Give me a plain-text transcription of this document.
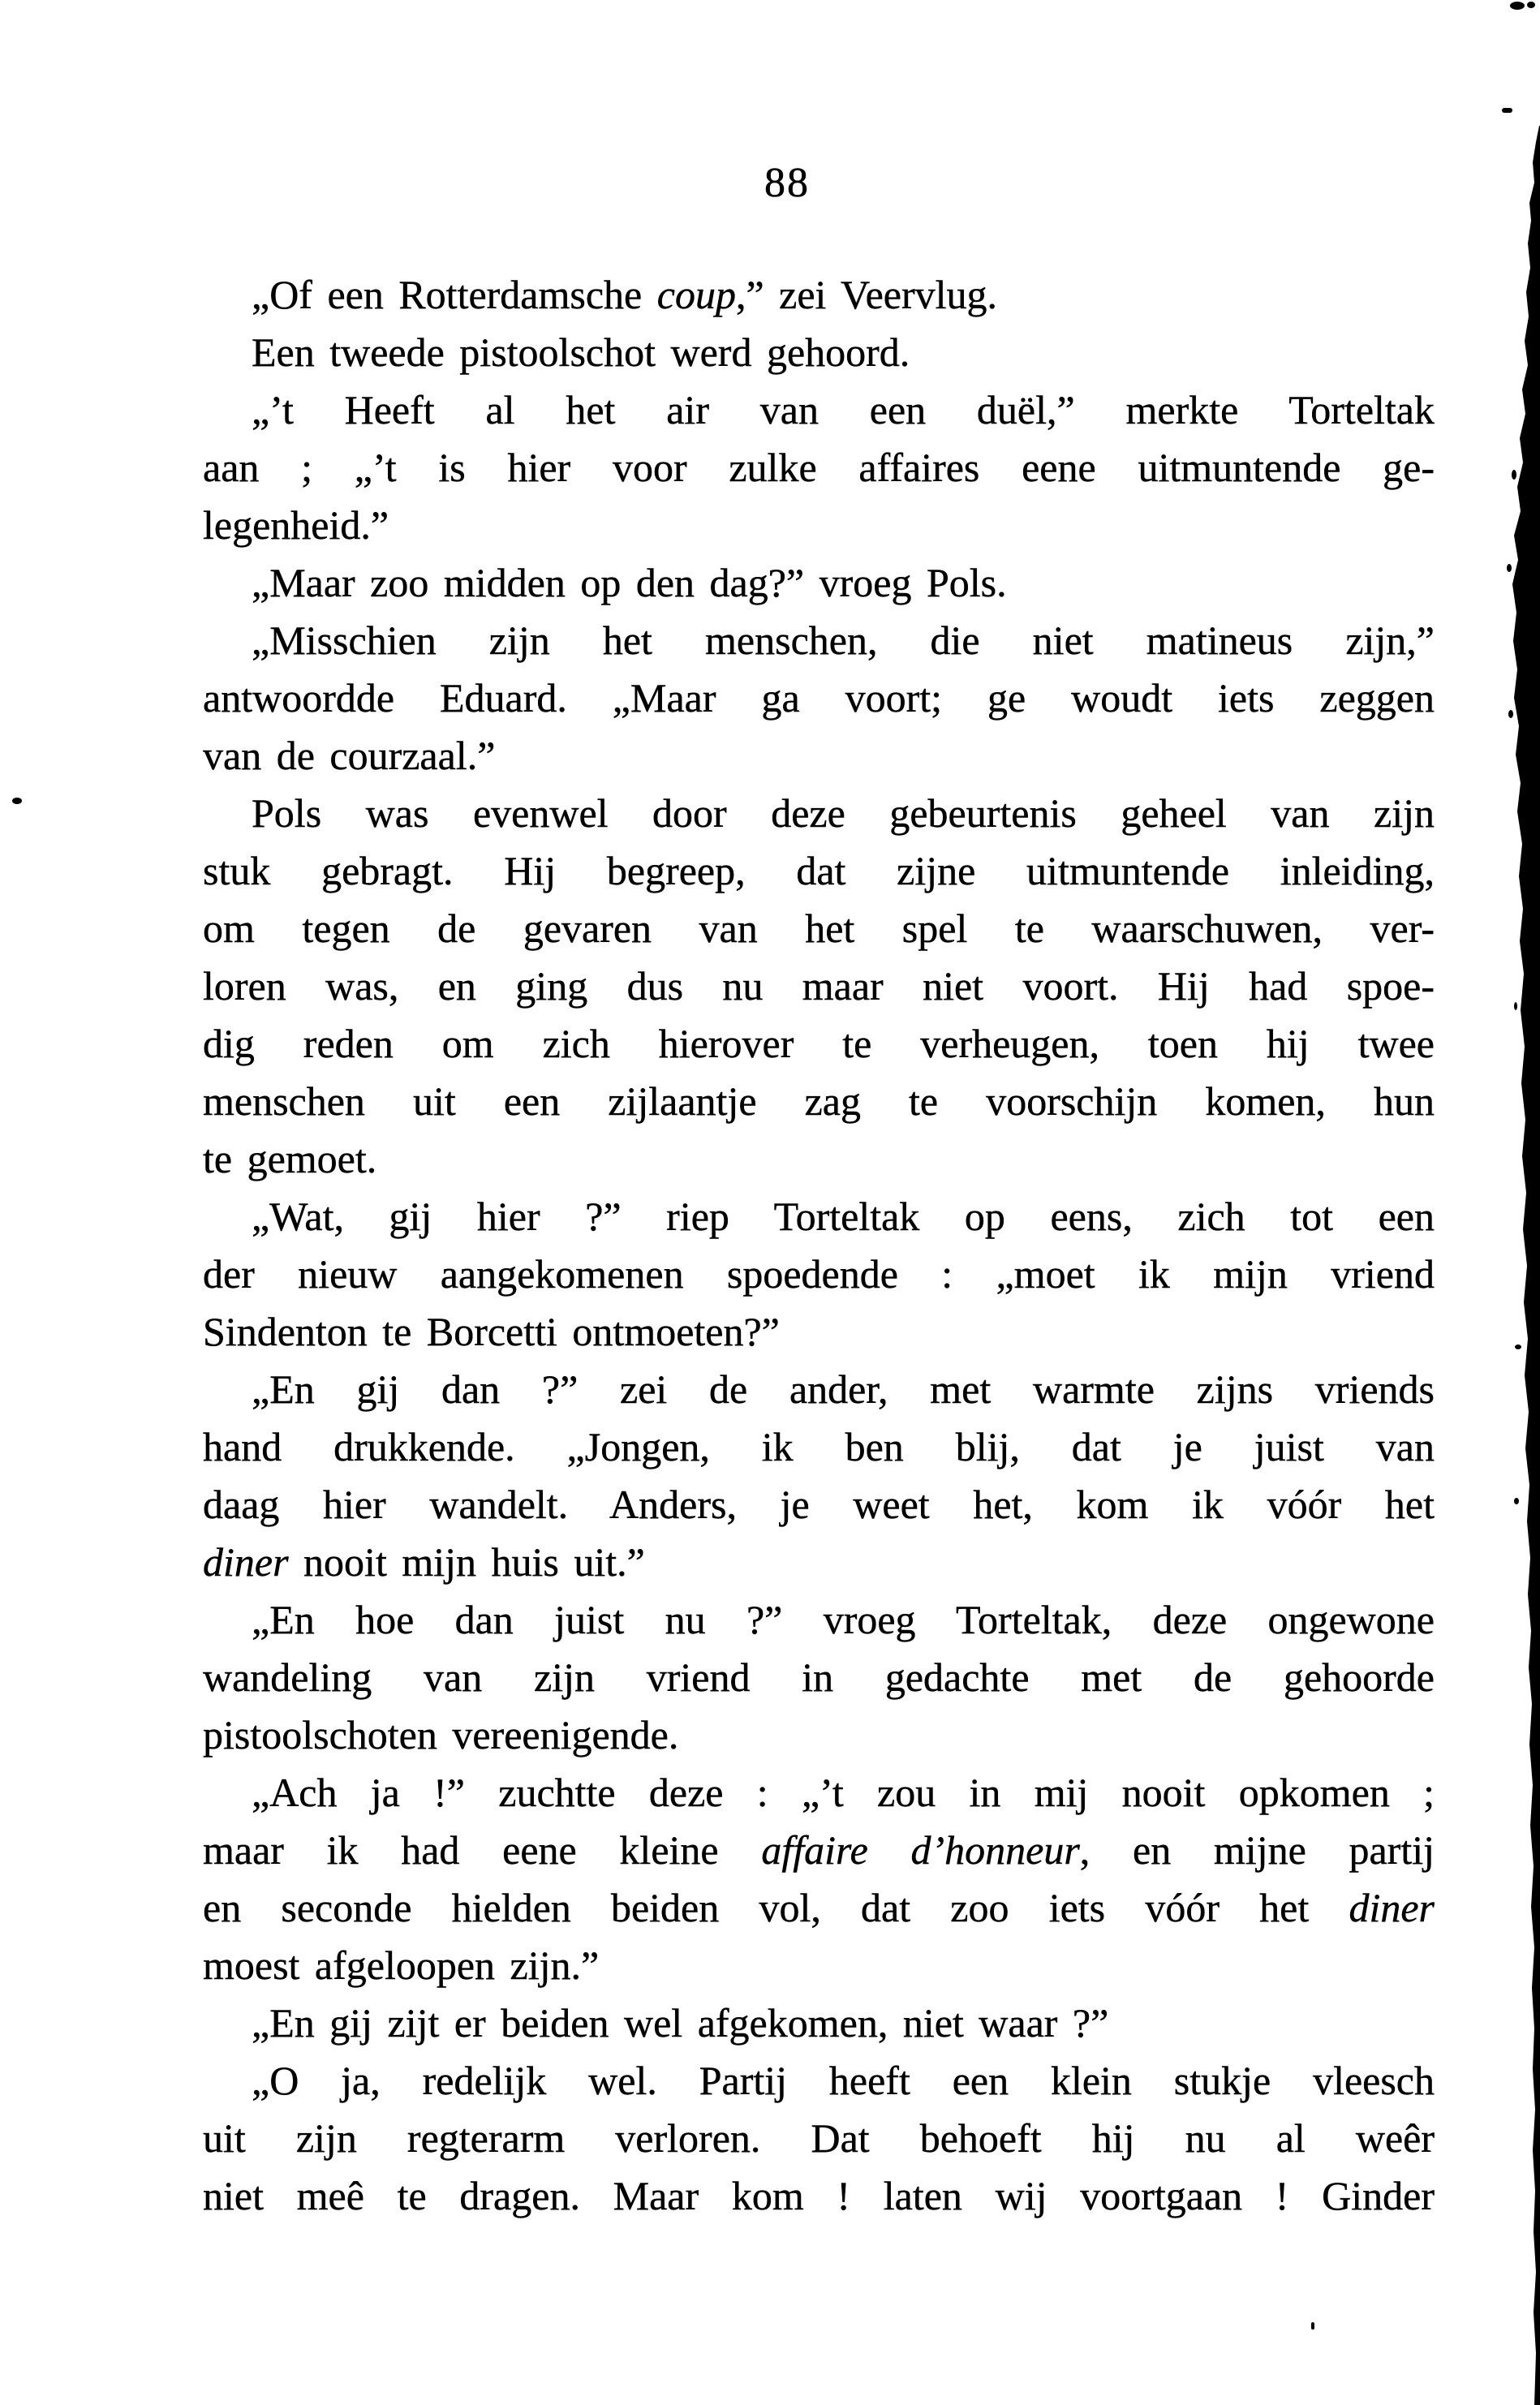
88
„Of een Rotterdamsche coup,” zei Veervlug.
Een tweede pistoolschot werd gehoord.
„’t Heeft al het air van een duël,” merkte Torteltak
aan ; „’t is hier voor zulke affaires eene uitmuntende ge-
legenheid.”
„Maar zoo midden op den dag?” vroeg Pols.
„Misschien zijn het menschen, die niet matineus zijn,”
antwoordde Eduard. „Maar ga voort; ge woudt iets zeggen
van de courzaal.”
Pols was evenwel door deze gebeurtenis geheel van zijn
stuk gebragt. Hij begreep, dat zijne uitmuntende inleiding,
om tegen de gevaren van het spel te waarschuwen, ver-
loren was, en ging dus nu maar niet voort. Hij had spoe-
dig reden om zich hierover te verheugen, toen hij twee
menschen uit een zijlaantje zag te voorschijn komen, hun
te gemoet.
„Wat, gij hier ?” riep Torteltak op eens, zich tot een
der nieuw aangekomenen spoedende : „moet ik mijn vriend
Sindenton te Borcetti ontmoeten?”
„En gij dan ?” zei de ander, met warmte zijns vriends
hand drukkende. „Jongen, ik ben blij, dat je juist van
daag hier wandelt. Anders, je weet het, kom ik vóór het
diner nooit mijn huis uit.”
„En hoe dan juist nu ?” vroeg Torteltak, deze ongewone
wandeling van zijn vriend in gedachte met de gehoorde
pistoolschoten vereenigende.
„Ach ja !” zuchtte deze : „’t zou in mij nooit opkomen ;
maar ik had eene kleine affaire d’honneur, en mijne partij
en seconde hielden beiden vol, dat zoo iets vóór het diner
moest afgeloopen zijn.”
„En gij zijt er beiden wel afgekomen, niet waar ?”
„O ja, redelijk wel. Partij heeft een klein stukje vleesch
uit zijn regterarm verloren. Dat behoeft hij nu al weêr
niet meê te dragen. Maar kom ! laten wij voortgaan ! Ginder
